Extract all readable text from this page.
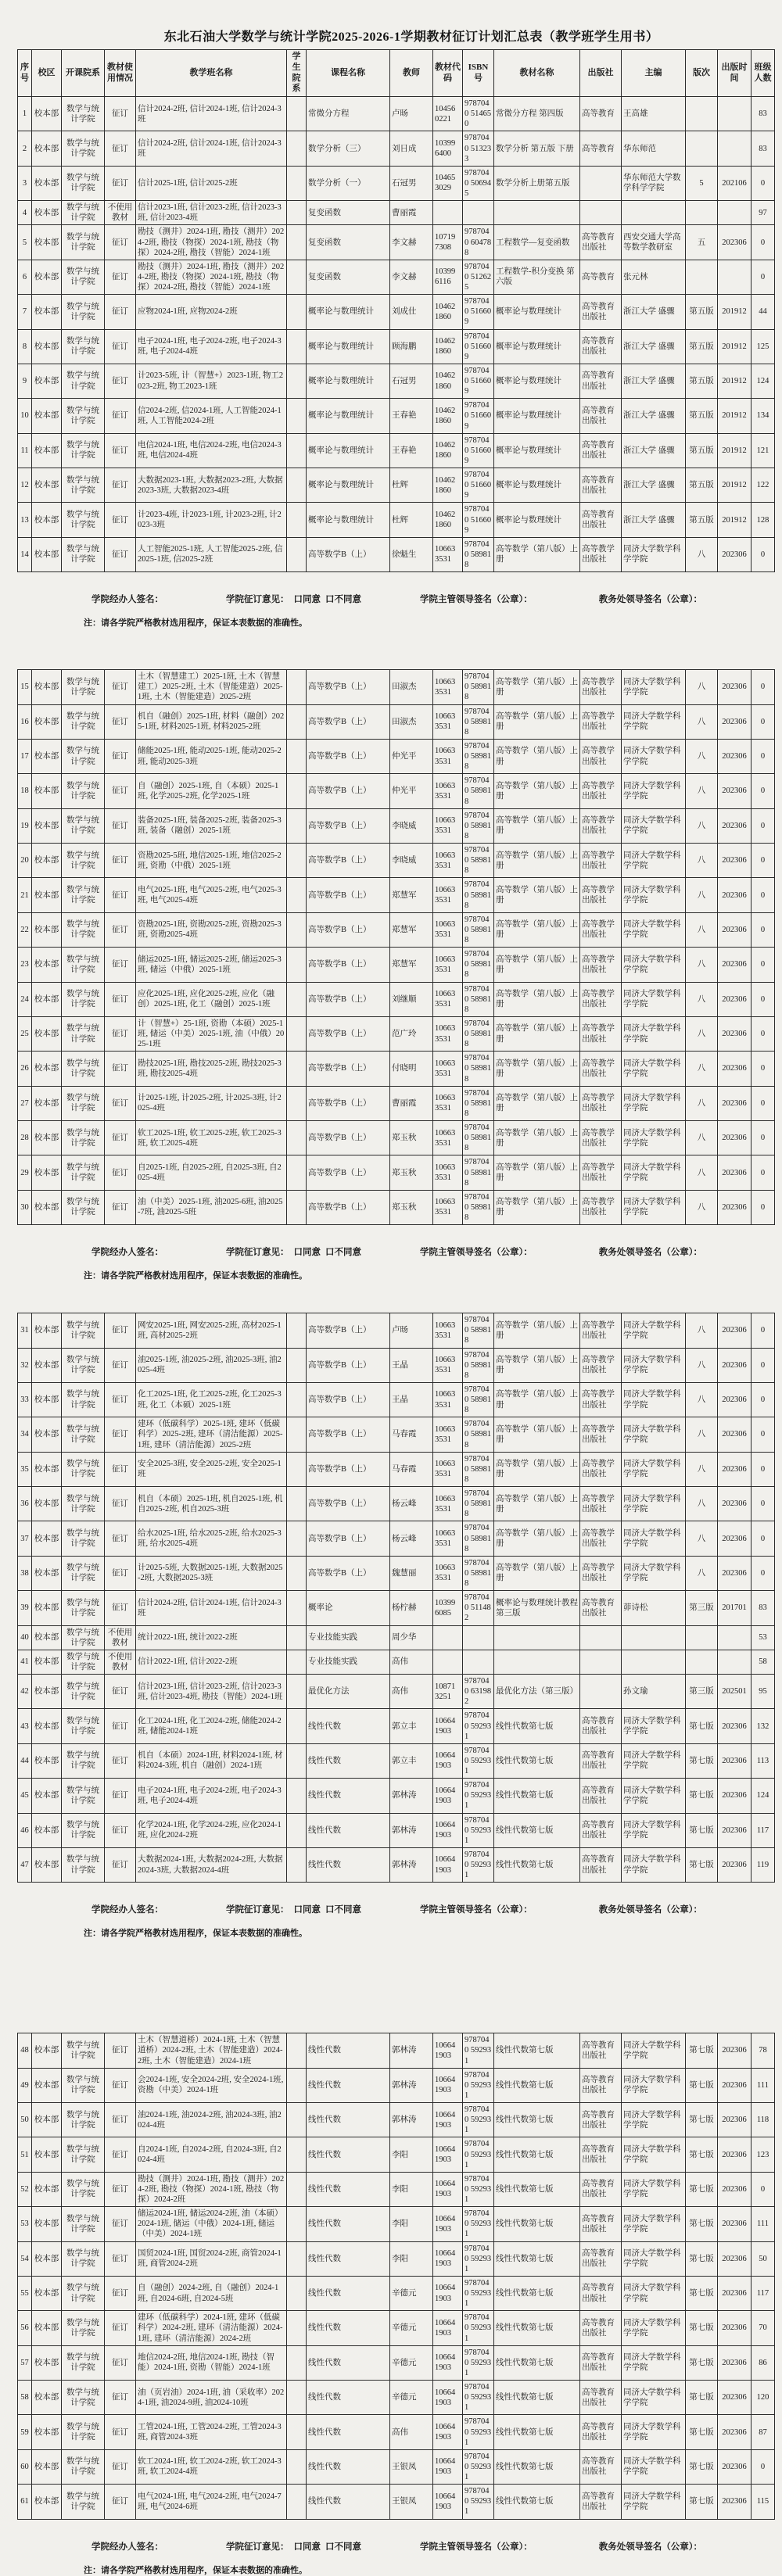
东北石油大学数学与统计学院2025-2026-1学期教材征订计划汇总表（教学班学生用书）
序号	校区	开课院系	教材使用情况	教学班名称	学生院系	课程名称	教师	教材代码	ISBN号	教材名称	出版社	主编	版次	出版时间	班级人数
1	校本部	数学与统计学院	征订	信计2024-2班, 信计2024-1班, 信计2024-3班		常微分方程	卢旸	10456 0221	9787040 514650	常微分方程 第四版	高等教育	王高雄			83
2	校本部	数学与统计学院	征订	信计2024-2班, 信计2024-1班, 信计2024-3班		数学分析（三）	刘日成	10399 6400	9787040 513233	数学分析 第五版 下册	高等教育	华东师范			83
3	校本部	数学与统计学院	征订	信计2025-1班, 信计2025-2班		数学分析（一）	石冠男	10465 3029	9787040 506945	数学分析上册第五版		华东师范大学数学科学学院	5	202106	0
4	校本部	数学与统计学院	不使用教材	信计2023-1班, 信计2023-2班, 信计2023-3班, 信计2023-4班		复变函数	曹丽霞								97
5	校本部	数学与统计学院	征订	勘技（测井）2024-1班, 勘技（测井）2024-2班, 勘技（物探）2024-1班, 勘技（物探）2024-2班, 勘技（智能）2024-1班		复变函数	李文赫	10719 7308	9787040 604788	工程数学—复变函数	高等教育出版社	西安交通大学高等数学教研室	五	202306	0
6	校本部	数学与统计学院	征订	勘技（测井）2024-1班, 勘技（测井）2024-2班, 勘技（物探）2024-1班, 勘技（物探）2024-2班, 勘技（智能）2024-1班		复变函数	李文赫	10399 6116	9787040 512625	工程数学-积分变换 第六版	高等教育	张元林			0
7	校本部	数学与统计学院	征订	应物2024-1班, 应物2024-2班		概率论与数理统计	刘成仕	10462 1860	9787040 516609	概率论与数理统计	高等教育出版社	浙江大学 盛骤	第五版	201912	44
8	校本部	数学与统计学院	征订	电子2024-1班, 电子2024-2班, 电子2024-3班, 电子2024-4班		概率论与数理统计	顾海鹏	10462 1860	9787040 516609	概率论与数理统计	高等教育出版社	浙江大学 盛骤	第五版	201912	125
9	校本部	数学与统计学院	征订	计2023-5班, 计（智慧+）2023-1班, 物工2023-2班, 物工2023-1班		概率论与数理统计	石冠男	10462 1860	9787040 516609	概率论与数理统计	高等教育出版社	浙江大学 盛骤	第五版	201912	124
10	校本部	数学与统计学院	征订	信2024-2班, 信2024-1班, 人工智能2024-1班, 人工智能2024-2班		概率论与数理统计	王春艳	10462 1860	9787040 516609	概率论与数理统计	高等教育出版社	浙江大学 盛骤	第五版	201912	134
11	校本部	数学与统计学院	征订	电信2024-1班, 电信2024-2班, 电信2024-3班, 电信2024-4班		概率论与数理统计	王春艳	10462 1860	9787040 516609	概率论与数理统计	高等教育出版社	浙江大学 盛骤	第五版	201912	121
12	校本部	数学与统计学院	征订	大数据2023-1班, 大数据2023-2班, 大数据2023-3班, 大数据2023-4班		概率论与数理统计	杜辉	10462 1860	9787040 516609	概率论与数理统计	高等教育出版社	浙江大学 盛骤	第五版	201912	122
13	校本部	数学与统计学院	征订	计2023-4班, 计2023-1班, 计2023-2班, 计2023-3班		概率论与数理统计	杜辉	10462 1860	9787040 516609	概率论与数理统计	高等教育出版社	浙江大学 盛骤	第五版	201912	128
14	校本部	数学与统计学院	征订	人工智能2025-1班, 人工智能2025-2班, 信2025-1班, 信2025-2班		高等数学B（上）	徐魁生	10663 3531	9787040 589818	高等数学（第八版）上册	高等教学出版社	同济大学数学科学学院	八	202306	0
学院经办人签名：	学院征订意见： 口同意 口不同意	学院主管领导签名（公章）：	教务处领导签名（公章）：
注：请各学院严格教材选用程序，保证本表数据的准确性。
15	校本部	数学与统计学院	征订	土木（智慧建工）2025-1班, 土木（智慧建工）2025-2班, 土木（智能建造）2025-1班, 土木（智能建造）2025-2班		高等数学B（上）	田淑杰	10663 3531	9787040 589818	高等数学（第八版）上册	高等教学出版社	同济大学数学科学学院	八	202306	0
16	校本部	数学与统计学院	征订	机自（融创）2025-1班, 材料（融创）2025-1班, 材料2025-1班, 材料2025-2班		高等数学B（上）	田淑杰	10663 3531	9787040 589818	高等数学（第八版）上册	高等教学出版社	同济大学数学科学学院	八	202306	0
17	校本部	数学与统计学院	征订	储能2025-1班, 能动2025-1班, 能动2025-2班, 能动2025-3班		高等数学B（上）	仲光平	10663 3531	9787040 589818	高等数学（第八版）上册	高等教学出版社	同济大学数学科学学院	八	202306	0
18	校本部	数学与统计学院	征订	自（融创）2025-1班, 自（本硕）2025-1班, 化学2025-2班, 化学2025-1班		高等数学B（上）	仲光平	10663 3531	9787040 589818	高等数学（第八版）上册	高等教学出版社	同济大学数学科学学院	八	202306	0
19	校本部	数学与统计学院	征订	装备2025-1班, 装备2025-2班, 装备2025-3班, 装备（融创）2025-1班		高等数学B（上）	李晓威	10663 3531	9787040 589818	高等数学（第八版）上册	高等教学出版社	同济大学数学科学学院	八	202306	0
20	校本部	数学与统计学院	征订	资勘2025-5班, 地信2025-1班, 地信2025-2班, 资勘（中俄）2025-1班		高等数学B（上）	李晓威	10663 3531	9787040 589818	高等数学（第八版）上册	高等教学出版社	同济大学数学科学学院	八	202306	0
21	校本部	数学与统计学院	征订	电气2025-1班, 电气2025-2班, 电气2025-3班, 电气2025-4班		高等数学B（上）	郑慧军	10663 3531	9787040 589818	高等数学（第八版）上册	高等教学出版社	同济大学数学科学学院	八	202306	0
22	校本部	数学与统计学院	征订	资勘2025-1班, 资勘2025-2班, 资勘2025-3班, 资勘2025-4班		高等数学B（上）	郑慧军	10663 3531	9787040 589818	高等数学（第八版）上册	高等教学出版社	同济大学数学科学学院	八	202306	0
23	校本部	数学与统计学院	征订	储运2025-1班, 储运2025-2班, 储运2025-3班, 储运（中俄）2025-1班		高等数学B（上）	郑慧军	10663 3531	9787040 589818	高等数学（第八版）上册	高等教学出版社	同济大学数学科学学院	八	202306	0
24	校本部	数学与统计学院	征订	应化2025-1班, 应化2025-2班, 应化（融创）2025-1班, 化工（融创）2025-1班		高等数学B（上）	刘继顺	10663 3531	9787040 589818	高等数学（第八版）上册	高等教学出版社	同济大学数学科学学院	八	202306	0
25	校本部	数学与统计学院	征订	计（智慧+）25-1班, 资勘（本硕）2025-1班, 储运（中美）2025-1班, 油（中俄）2025-1班		高等数学B（上）	范广玲	10663 3531	9787040 589818	高等数学（第八版）上册	高等教学出版社	同济大学数学科学学院	八	202306	0
26	校本部	数学与统计学院	征订	勘技2025-1班, 勘技2025-2班, 勘技2025-3班, 勘技2025-4班		高等数学B（上）	付晓明	10663 3531	9787040 589818	高等数学（第八版）上册	高等教学出版社	同济大学数学科学学院	八	202306	0
27	校本部	数学与统计学院	征订	计2025-1班, 计2025-2班, 计2025-3班, 计2025-4班		高等数学B（上）	曹丽霞	10663 3531	9787040 589818	高等数学（第八版）上册	高等教学出版社	同济大学数学科学学院	八	202306	0
28	校本部	数学与统计学院	征订	软工2025-1班, 软工2025-2班, 软工2025-3班, 软工2025-4班		高等数学B（上）	郑玉秋	10663 3531	9787040 589818	高等数学（第八版）上册	高等教学出版社	同济大学数学科学学院	八	202306	0
29	校本部	数学与统计学院	征订	自2025-1班, 自2025-2班, 自2025-3班, 自2025-4班		高等数学B（上）	郑玉秋	10663 3531	9787040 589818	高等数学（第八版）上册	高等教学出版社	同济大学数学科学学院	八	202306	0
30	校本部	数学与统计学院	征订	油（中美）2025-1班, 油2025-6班, 油2025-7班, 油2025-5班		高等数学B（上）	郑玉秋	10663 3531	9787040 589818	高等数学（第八版）上册	高等教学出版社	同济大学数学科学学院	八	202306	0
学院经办人签名：	学院征订意见： 口同意 口不同意	学院主管领导签名（公章）：	教务处领导签名（公章）：
注：请各学院严格教材选用程序，保证本表数据的准确性。
31	校本部	数学与统计学院	征订	网安2025-1班, 网安2025-2班, 高材2025-1班, 高材2025-2班		高等数学B（上）	卢旸	10663 3531	9787040 589818	高等数学（第八版）上册	高等教学出版社	同济大学数学科学学院	八	202306	0
32	校本部	数学与统计学院	征订	油2025-1班, 油2025-2班, 油2025-3班, 油2025-4班		高等数学B（上）	王晶	10663 3531	9787040 589818	高等数学（第八版）上册	高等教学出版社	同济大学数学科学学院	八	202306	0
33	校本部	数学与统计学院	征订	化工2025-1班, 化工2025-2班, 化工2025-3班, 化工（本硕）2025-1班		高等数学B（上）	王晶	10663 3531	9787040 589818	高等数学（第八版）上册	高等教学出版社	同济大学数学科学学院	八	202306	0
34	校本部	数学与统计学院	征订	建环（低碳科学）2025-1班, 建环（低碳科学）2025-2班, 建环（清洁能源）2025-1班, 建环（清洁能源）2025-2班		高等数学B（上）	马春霞	10663 3531	9787040 589818	高等数学（第八版）上册	高等教学出版社	同济大学数学科学学院	八	202306	0
35	校本部	数学与统计学院	征订	安全2025-3班, 安全2025-2班, 安全2025-1班		高等数学B（上）	马春霞	10663 3531	9787040 589818	高等数学（第八版）上册	高等教学出版社	同济大学数学科学学院	八	202306	0
36	校本部	数学与统计学院	征订	机自（本硕）2025-1班, 机自2025-1班, 机自2025-2班, 机自2025-3班		高等数学B（上）	杨云峰	10663 3531	9787040 589818	高等数学（第八版）上册	高等教学出版社	同济大学数学科学学院	八	202306	0
37	校本部	数学与统计学院	征订	给水2025-1班, 给水2025-2班, 给水2025-3班, 给水2025-4班		高等数学B（上）	杨云峰	10663 3531	9787040 589818	高等数学（第八版）上册	高等教学出版社	同济大学数学科学学院	八	202306	0
38	校本部	数学与统计学院	征订	计2025-5班, 大数据2025-1班, 大数据2025-2班, 大数据2025-3班		高等数学B（上）	魏慧丽	10663 3531	9787040 589818	高等数学（第八版）上册	高等教学出版社	同济大学数学科学学院	八	202306	0
39	校本部	数学与统计学院	征订	信计2024-2班, 信计2024-1班, 信计2024-3班		概率论	杨柠赫	10399 6085	9787040 511482	概率论与数理统计教程 第三版	高等教育出版社	茆诗松	第三版	201701	83
40	校本部	数学与统计学院	不使用教材	统计2022-1班, 统计2022-2班		专业技能实践	周少华								53
41	校本部	数学与统计学院	不使用教材	信计2022-1班, 信计2022-2班		专业技能实践	高伟								58
42	校本部	数学与统计学院	征订	信计2023-1班, 信计2023-2班, 信计2023-3班, 信计2023-4班, 勘技（智能）2024-1班		最优化方法	高伟	10871 3251	9787040 631982	最优化方法（第三版）		孙文瑜	第三版	202501	95
43	校本部	数学与统计学院	征订	化工2024-1班, 化工2024-2班, 储能2024-2班, 储能2024-1班		线性代数	郭立丰	10664 1903	9787040 592931	线性代数第七版	高等教育出版社	同济大学数学科学学院	第七版	202306	132
44	校本部	数学与统计学院	征订	机自（本硕）2024-1班, 材料2024-1班, 材料2024-3班, 机自（融创）2024-1班		线性代数	郭立丰	10664 1903	9787040 592931	线性代数第七版	高等教育出版社	同济大学数学科学学院	第七版	202306	113
45	校本部	数学与统计学院	征订	电子2024-1班, 电子2024-2班, 电子2024-3班, 电子2024-4班		线性代数	郭林涛	10664 1903	9787040 592931	线性代数第七版	高等教育出版社	同济大学数学科学学院	第七版	202306	124
46	校本部	数学与统计学院	征订	化学2024-1班, 化学2024-2班, 应化2024-1班, 应化2024-2班		线性代数	郭林涛	10664 1903	9787040 592931	线性代数第七版	高等教育出版社	同济大学数学科学学院	第七版	202306	117
47	校本部	数学与统计学院	征订	大数据2024-1班, 大数据2024-2班, 大数据2024-3班, 大数据2024-4班		线性代数	郭林涛	10664 1903	9787040 592931	线性代数第七版	高等教育出版社	同济大学数学科学学院	第七版	202306	119
学院经办人签名：	学院征订意见： 口同意 口不同意	学院主管领导签名（公章）：	教务处领导签名（公章）：
注：请各学院严格教材选用程序，保证本表数据的准确性。
48	校本部	数学与统计学院	征订	土木（智慧道桥）2024-1班, 土木（智慧道桥）2024-2班, 土木（智能建造）2024-2班, 土木（智能建造）2024-1班		线性代数	郭林涛	10664 1903	9787040 592931	线性代数第七版	高等教育出版社	同济大学数学科学学院	第七版	202306	78
49	校本部	数学与统计学院	征订	会2024-1班, 安全2024-2班, 安全2024-1班, 资勘（中美）2024-1班		线性代数	郭林涛	10664 1903	9787040 592931	线性代数第七版	高等教育出版社	同济大学数学科学学院	第七版	202306	111
50	校本部	数学与统计学院	征订	油2024-1班, 油2024-2班, 油2024-3班, 油2024-4班		线性代数	郭林涛	10664 1903	9787040 592931	线性代数第七版	高等教育出版社	同济大学数学科学学院	第七版	202306	118
51	校本部	数学与统计学院	征订	自2024-1班, 自2024-2班, 自2024-3班, 自2024-4班		线性代数	李阳	10664 1903	9787040 592931	线性代数第七版	高等教育出版社	同济大学数学科学学院	第七版	202306	123
52	校本部	数学与统计学院	征订	勘技（测井）2024-1班, 勘技（测井）2024-2班, 勘技（物探）2024-1班, 勘技（物探）2024-2班		线性代数	李阳	10664 1903	9787040 592931	线性代数第七版	高等教育出版社	同济大学数学科学学院	第七版	202306	0
53	校本部	数学与统计学院	征订	储运2024-1班, 储运2024-2班, 油（本硕）2024-1班, 储运（中俄）2024-1班, 储运（中美）2024-1班		线性代数	李阳	10664 1903	9787040 592931	线性代数第七版	高等教育出版社	同济大学数学科学学院	第七版	202306	111
54	校本部	数学与统计学院	征订	国贸2024-1班, 国贸2024-2班, 商管2024-1班, 商管2024-2班		线性代数	李阳	10664 1903	9787040 592931	线性代数第七版	高等教育出版社	同济大学数学科学学院	第七版	202306	50
55	校本部	数学与统计学院	征订	自（融创）2024-2班, 自（融创）2024-1班, 自2024-6班, 自2024-5班		线性代数	辛德元	10664 1903	9787040 592931	线性代数第七版	高等教育出版社	同济大学数学科学学院	第七版	202306	117
56	校本部	数学与统计学院	征订	建环（低碳科学）2024-1班, 建环（低碳科学）2024-2班, 建环（清洁能源）2024-1班, 建环（清洁能源）2024-2班		线性代数	辛德元	10664 1903	9787040 592931	线性代数第七版	高等教育出版社	同济大学数学科学学院	第七版	202306	70
57	校本部	数学与统计学院	征订	地信2024-2班, 地信2024-1班, 勘技（智能）2024-1班, 资勘（智能）2024-1班		线性代数	辛德元	10664 1903	9787040 592931	线性代数第七版	高等教育出版社	同济大学数学科学学院	第七版	202306	86
58	校本部	数学与统计学院	征订	油（页岩油）2024-1班, 油（采收率）2024-1班, 油2024-9班, 油2024-10班		线性代数	辛德元	10664 1903	9787040 592931	线性代数第七版	高等教育出版社	同济大学数学科学学院	第七版	202306	120
59	校本部	数学与统计学院	征订	工管2024-1班, 工管2024-2班, 工管2024-3班, 商管2024-3班		线性代数	高伟	10664 1903	9787040 592931	线性代数第七版	高等教育出版社	同济大学数学科学学院	第七版	202306	87
60	校本部	数学与统计学院	征订	软工2024-1班, 软工2024-2班, 软工2024-3班, 软工2024-4班		线性代数	王银凤	10664 1903	9787040 592931	线性代数第七版	高等教育出版社	同济大学数学科学学院	第七版	202306	0
61	校本部	数学与统计学院	征订	电气2024-1班, 电气2024-2班, 电气2024-7班, 电气2024-6班		线性代数	王银凤	10664 1903	9787040 592931	线性代数第七版	高等教育出版社	同济大学数学科学学院	第七版	202306	115
学院经办人签名：	学院征订意见： 口同意 口不同意	学院主管领导签名（公章）：	教务处领导签名（公章）：
注：请各学院严格教材选用程序，保证本表数据的准确性。
